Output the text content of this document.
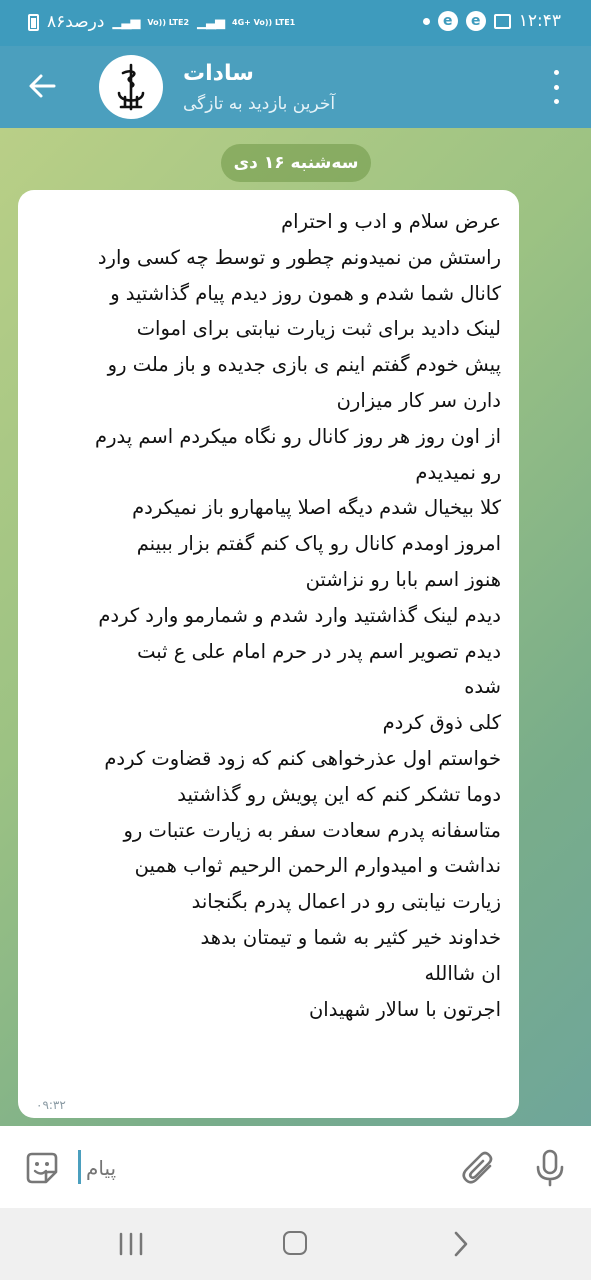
۸۶درصد ▁▃▅ Vo)) LTE2 ▁▃▅ 4G+ Vo)) LTE1	e	e	۱۲:۴۳
سادات
آخرین بازدید به تازگی
سه‌شنبه ۱۶ دی
عرض سلام و ادب و احترام
راستش من نمیدونم چطور و توسط چه کسی وارد
کانال شما شدم و همون روز دیدم پیام گذاشتید و
لینک دادید برای ثبت زیارت نیابتی برای اموات
پیش خودم گفتم اینم ی بازی جدیده و باز ملت رو
دارن سر کار میزارن
از اون روز هر روز کانال رو نگاه میکردم اسم پدرم
رو نمیدیدم
کلا بیخیال شدم دیگه اصلا پیامهارو باز نمیکردم
امروز اومدم کانال رو پاک کنم گفتم بزار ببینم
هنوز اسم بابا رو نزاشتن
دیدم لینک گذاشتید وارد شدم و شمارمو وارد کردم
دیدم تصویر اسم پدر در حرم امام علی ع ثبت
شده
کلی ذوق کردم
خواستم اول عذرخواهی کنم که زود قضاوت کردم
دوما تشکر کنم که این پویش رو گذاشتید
متاسفانه پدرم سعادت سفر به زیارت عتبات رو
نداشت و امیدوارم الرحمن الرحیم ثواب همین
زیارت نیابتی رو در اعمال پدرم بگنجاند
خداوند خیر کثیر به شما و تیمتان بدهد
ان شاالله
اجرتون با سالار شهیدان
۰۹:۳۲
پیام
